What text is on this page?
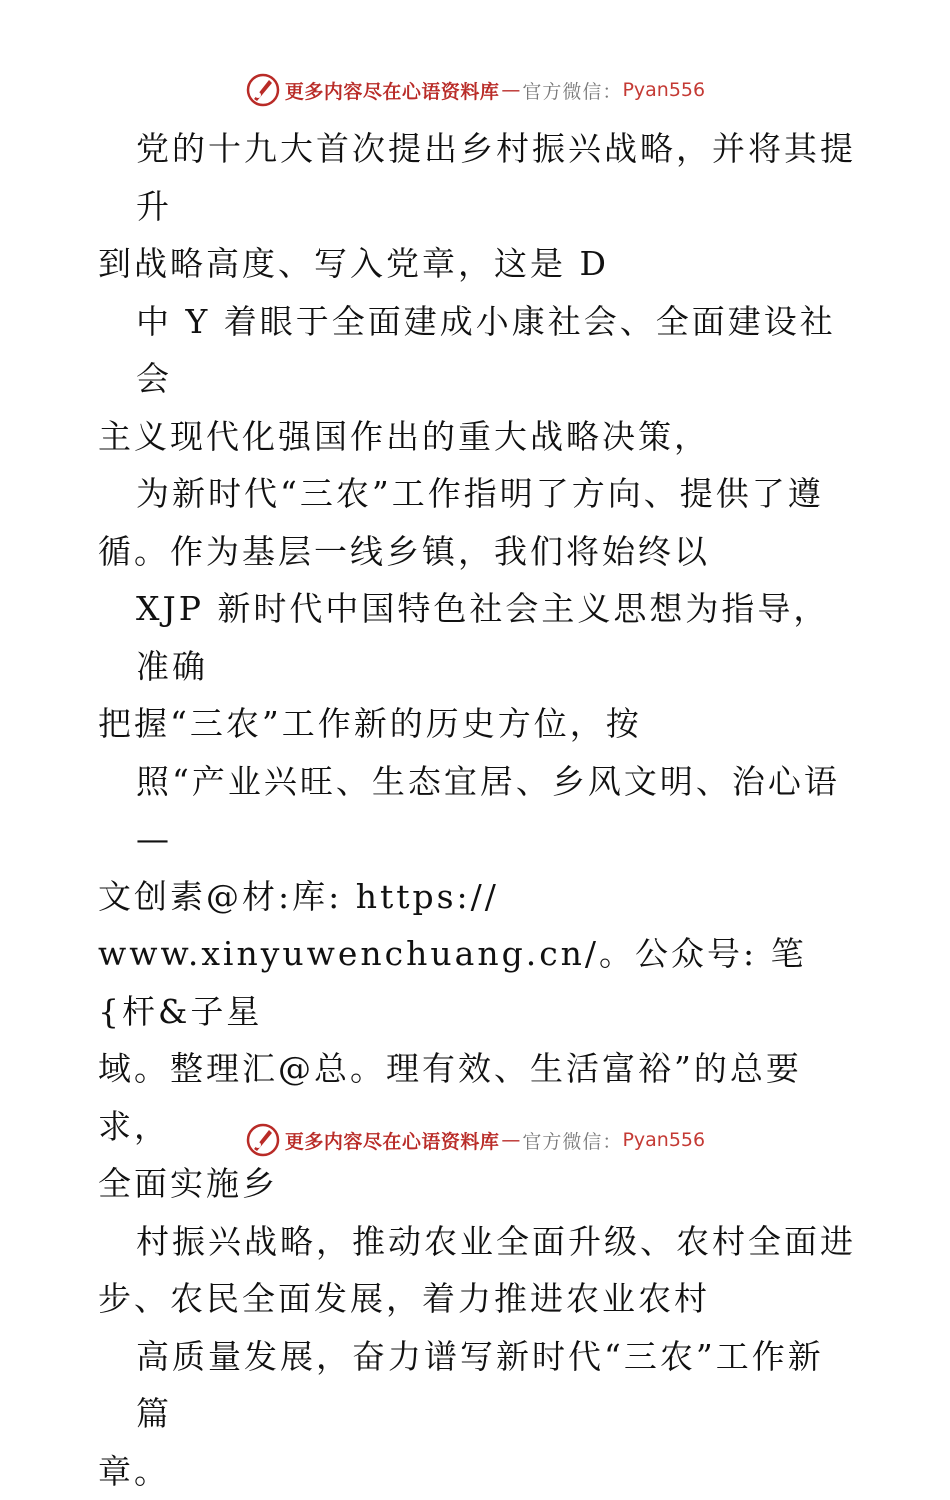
更多内容尽在心语资料库 — 官方微信： Pyan556

党的十九大首次提出乡村振兴战略，并将其提升

到战略高度、写入党章，这是 D

中 Y 着眼于全面建成小康社会、全面建设社会

主义现代化强国作出的重大战略决策，

为新时代“三农”工作指明了方向、提供了遵

循。作为基层一线乡镇，我们将始终以

XJP 新时代中国特色社会主义思想为指导，准确

把握“三农”工作新的历史方位，按

照“产业兴旺、生态宜居、乡风文明、治心语—

文创素@材:库: https://

www.xinyuwenchuang.cn/。公众号: 笔{杆&子星

域。整理汇@总。理有效、生活富裕”的总要求，

全面实施乡

村振兴战略，推动农业全面升级、农村全面进

步、农民全面发展，着力推进农业农村

高质量发展，奋力谱写新时代“三农”工作新篇

章。

更多内容尽在心语资料库 — 官方微信： Pyan556
